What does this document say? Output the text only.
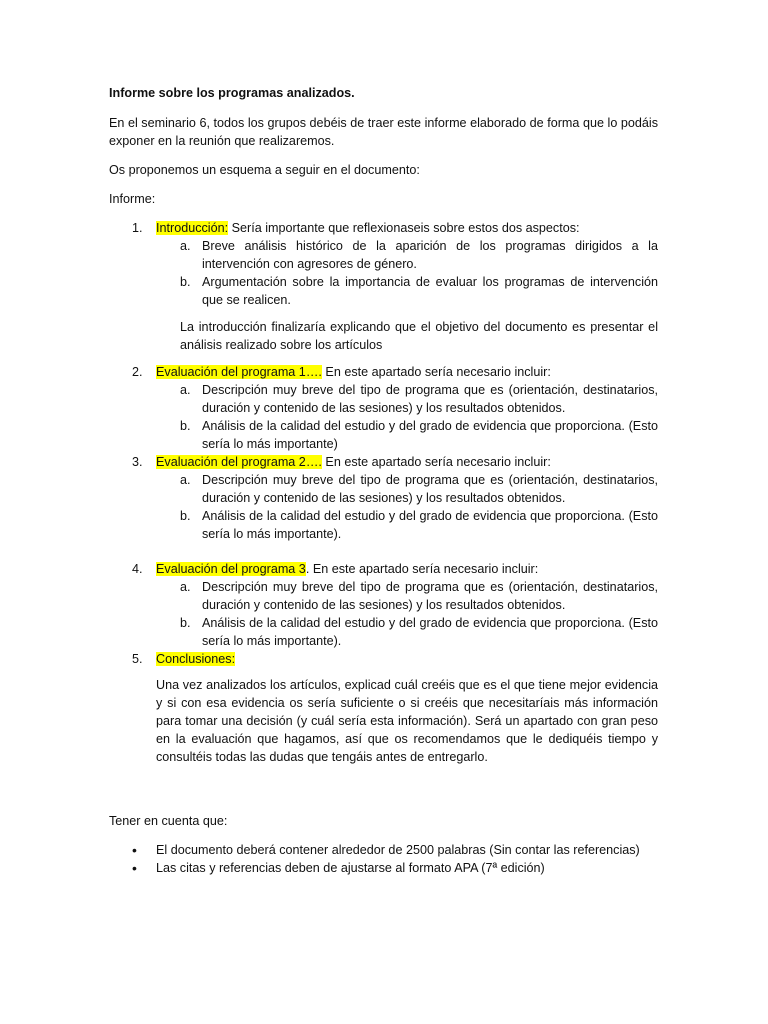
Informe sobre los programas analizados.

En el seminario 6, todos los grupos debéis de traer este informe elaborado de forma que lo podáis exponer en la reunión que realizaremos.

Os proponemos un esquema a seguir en el documento:

Informe:

1. Introducción: Sería importante que reflexionaseis sobre estos dos aspectos:
a. Breve análisis histórico de la aparición de los programas dirigidos a la intervención con agresores de género.
b. Argumentación sobre la importancia de evaluar los programas de intervención que se realicen.

La introducción finalizaría explicando que el objetivo del documento es presentar el análisis realizado sobre los artículos

2. Evaluación del programa 1…. En este apartado sería necesario incluir:
a. Descripción muy breve del tipo de programa que es (orientación, destinatarios, duración y contenido de las sesiones) y los resultados obtenidos.
b. Análisis de la calidad del estudio y del grado de evidencia que proporciona. (Esto sería lo más importante)
3. Evaluación del programa 2…. En este apartado sería necesario incluir:
a. Descripción muy breve del tipo de programa que es (orientación, destinatarios, duración y contenido de las sesiones) y los resultados obtenidos.
b. Análisis de la calidad del estudio y del grado de evidencia que proporciona. (Esto sería lo más importante).
4. Evaluación del programa 3. En este apartado sería necesario incluir:
a. Descripción muy breve del tipo de programa que es (orientación, destinatarios, duración y contenido de las sesiones) y los resultados obtenidos.
b. Análisis de la calidad del estudio y del grado de evidencia que proporciona. (Esto sería lo más importante).
5. Conclusiones:

Una vez analizados los artículos, explicad cuál creéis que es el que tiene mejor evidencia y si con esa evidencia os sería suficiente o si creéis que necesitaríais más información para tomar una decisión (y cuál sería esta información). Será un apartado con gran peso en la evaluación que hagamos, así que os recomendamos que le dediquéis tiempo y consultéis todas las dudas que tengáis antes de entregarlo.

Tener en cuenta que:

• El documento deberá contener alrededor de 2500 palabras (Sin contar las referencias)
• Las citas y referencias deben de ajustarse al formato APA (7ª edición)
